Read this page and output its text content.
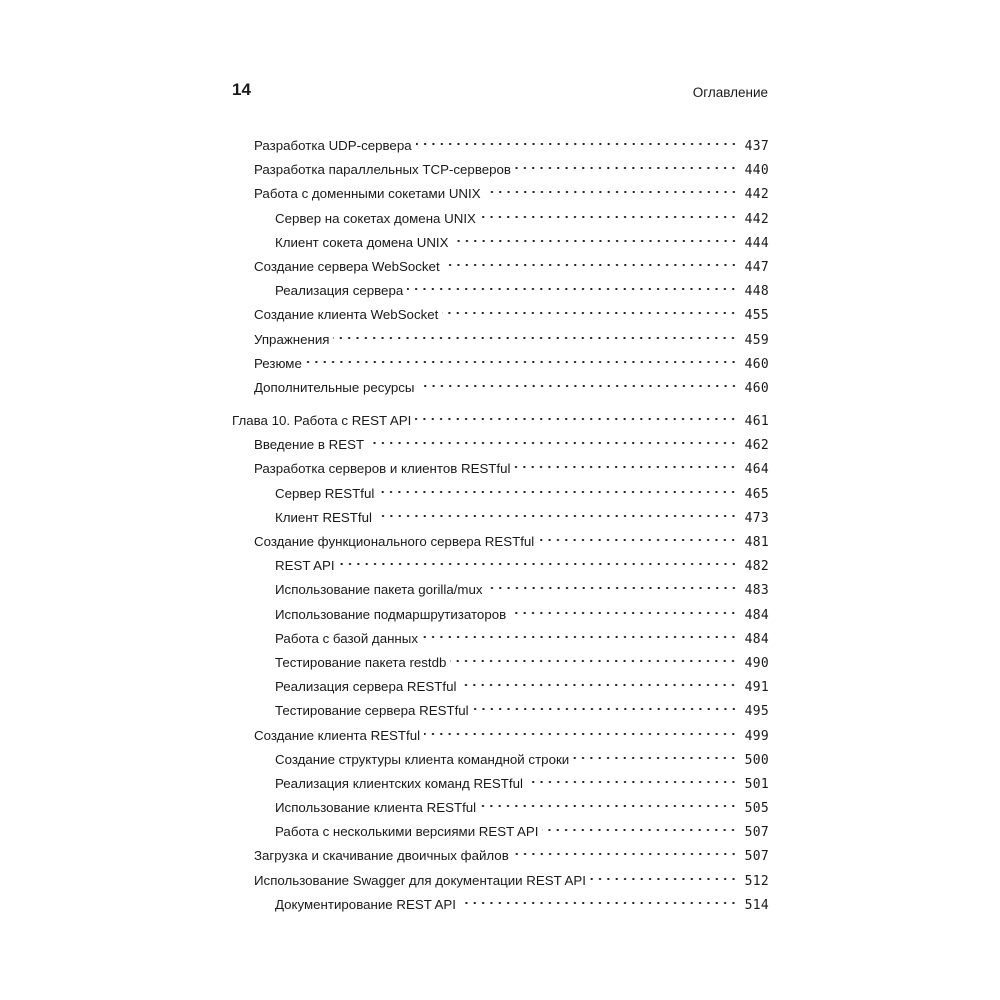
14	Оглавление
Разработка UDP-сервера	437
Разработка параллельных TCP-серверов	440
Работа с доменными сокетами UNIX	442
Сервер на сокетах домена UNIX	442
Клиент сокета домена UNIX	444
Создание сервера WebSocket	447
Реализация сервера	448
Создание клиента WebSocket	455
Упражнения	459
Резюме	460
Дополнительные ресурсы	460
Глава 10. Работа с REST API	461
Введение в REST	462
Разработка серверов и клиентов RESTful	464
Сервер RESTful	465
Клиент RESTful	473
Создание функционального сервера RESTful	481
REST API	482
Использование пакета gorilla/mux	483
Использование подмаршрутизаторов	484
Работа с базой данных	484
Тестирование пакета restdb	490
Реализация сервера RESTful	491
Тестирование сервера RESTful	495
Создание клиента RESTful	499
Создание структуры клиента командной строки	500
Реализация клиентских команд RESTful	501
Использование клиента RESTful	505
Работа с несколькими версиями REST API	507
Загрузка и скачивание двоичных файлов	507
Использование Swagger для документации REST API	512
Документирование REST API	514
